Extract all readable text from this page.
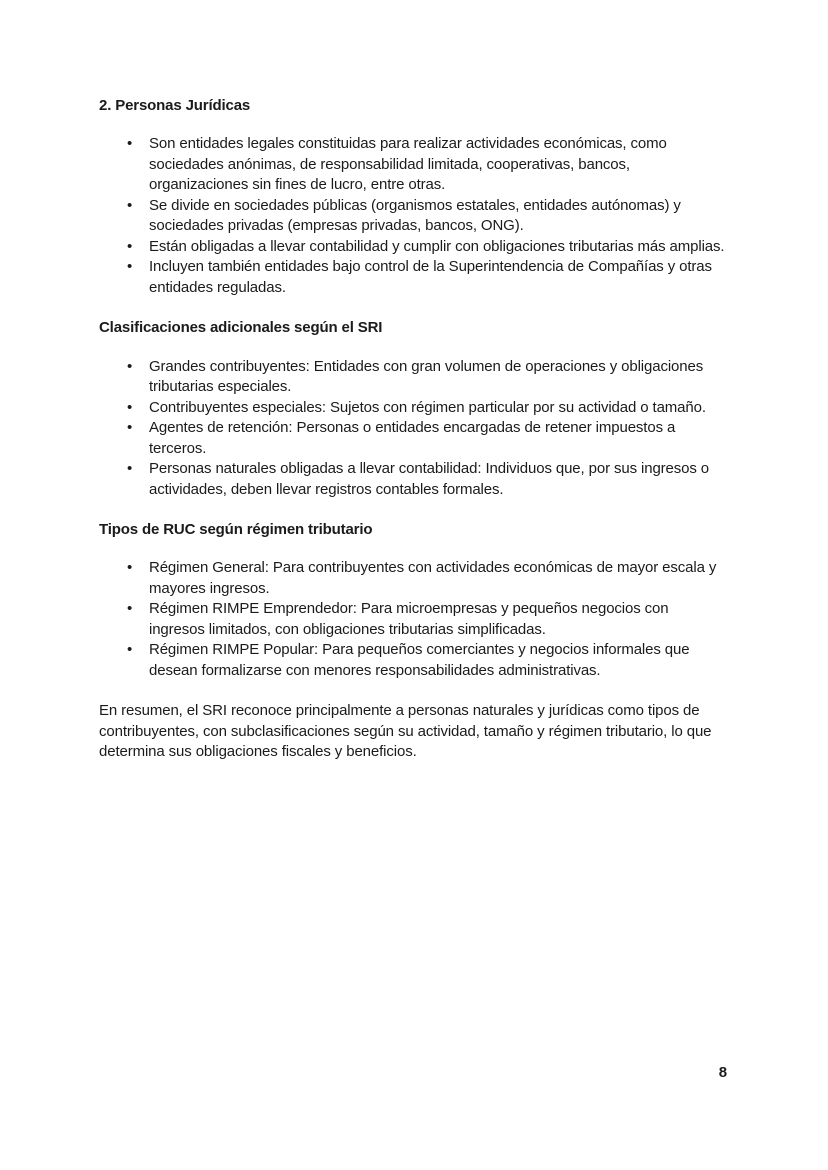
2. Personas Jurídicas
• Son entidades legales constituidas para realizar actividades económicas, como sociedades anónimas, de responsabilidad limitada, cooperativas, bancos, organizaciones sin fines de lucro, entre otras.
• Se divide en sociedades públicas (organismos estatales, entidades autónomas) y sociedades privadas (empresas privadas, bancos, ONG).
• Están obligadas a llevar contabilidad y cumplir con obligaciones tributarias más amplias.
• Incluyen también entidades bajo control de la Superintendencia de Compañías y otras entidades reguladas.
Clasificaciones adicionales según el SRI
• Grandes contribuyentes: Entidades con gran volumen de operaciones y obligaciones tributarias especiales.
• Contribuyentes especiales: Sujetos con régimen particular por su actividad o tamaño.
• Agentes de retención: Personas o entidades encargadas de retener impuestos a terceros.
• Personas naturales obligadas a llevar contabilidad: Individuos que, por sus ingresos o actividades, deben llevar registros contables formales.
Tipos de RUC según régimen tributario
• Régimen General: Para contribuyentes con actividades económicas de mayor escala y mayores ingresos.
• Régimen RIMPE Emprendedor: Para microempresas y pequeños negocios con ingresos limitados, con obligaciones tributarias simplificadas.
• Régimen RIMPE Popular: Para pequeños comerciantes y negocios informales que desean formalizarse con menores responsabilidades administrativas.

En resumen, el SRI reconoce principalmente a personas naturales y jurídicas como tipos de contribuyentes, con subclasificaciones según su actividad, tamaño y régimen tributario, lo que determina sus obligaciones fiscales y beneficios.

8
